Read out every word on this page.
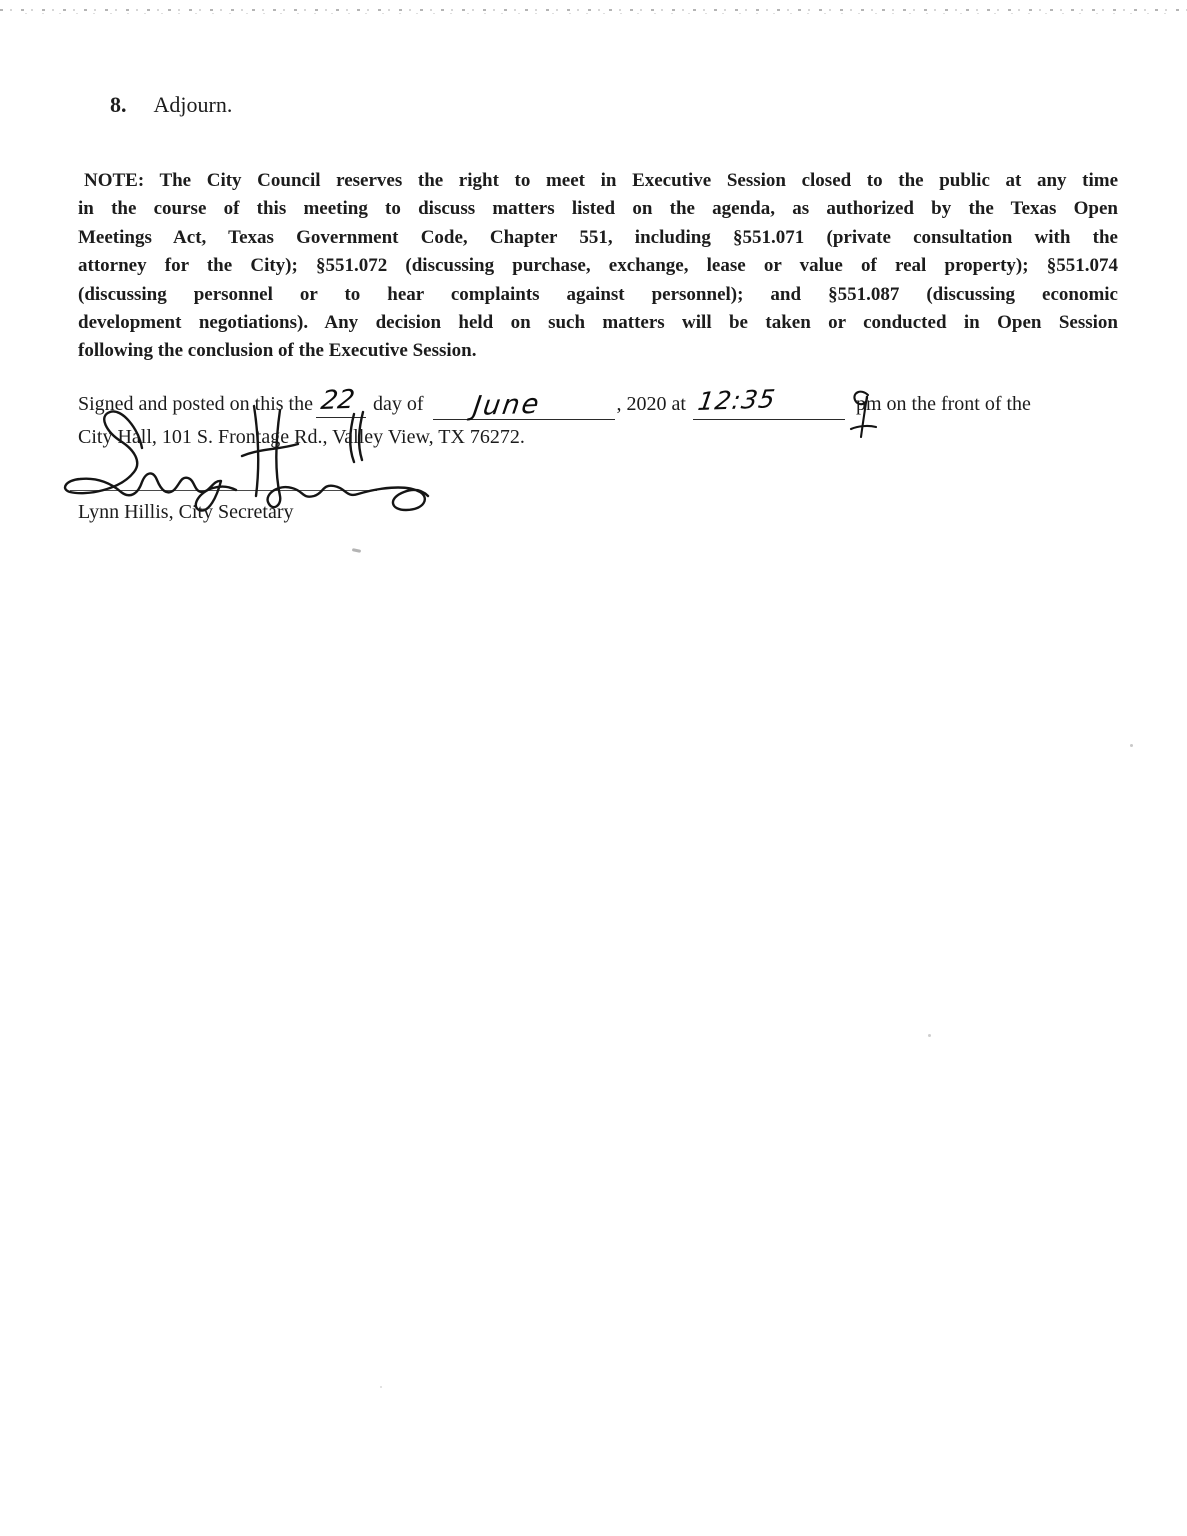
8. Adjourn.
NOTE: The City Council reserves the right to meet in Executive Session closed to the public at any time
in the course of this meeting to discuss matters listed on the agenda, as authorized by the Texas Open
Meetings Act, Texas Government Code, Chapter 551, including §551.071 (private consultation with the
attorney for the City); §551.072 (discussing purchase, exchange, lease or value of real property); §551.074
(discussing personnel or to hear complaints against personnel); and §551.087 (discussing economic
development negotiations). Any decision held on such matters will be taken or conducted in Open Session
following the conclusion of the Executive Session.
Signed and posted on this the 22 day of June	, 2020 at 12:35	pm on the front of the
City Hall, 101 S. Frontage Rd., Valley View, TX 76272.
Lynn Hillis, City Secretary
